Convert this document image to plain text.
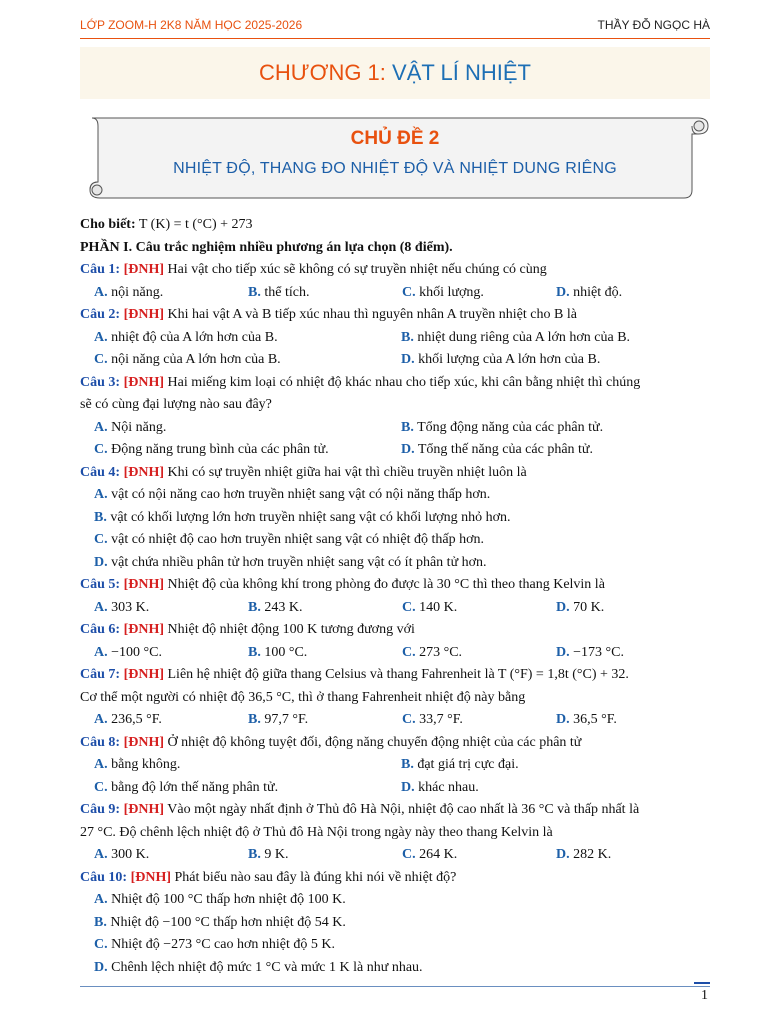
LỚP ZOOM-H 2K8 NĂM HỌC 2025-2026	THẦY ĐỖ NGỌC HÀ
CHƯƠNG 1: VẬT LÍ NHIỆT
CHỦ ĐỀ 2
NHIỆT ĐỘ, THANG ĐO NHIỆT ĐỘ VÀ NHIỆT DUNG RIÊNG
Cho biết: T (K) = t (°C) + 273
PHẦN I. Câu trắc nghiệm nhiều phương án lựa chọn (8 điểm).
Câu 1: [ĐNH] Hai vật cho tiếp xúc sẽ không có sự truyền nhiệt nếu chúng có cùng
A. nội năng.	B. thể tích.	C. khối lượng.	D. nhiệt độ.
Câu 2: [ĐNH] Khi hai vật A và B tiếp xúc nhau thì nguyên nhân A truyền nhiệt cho B là
A. nhiệt độ của A lớn hơn của B.	B. nhiệt dung riêng của A lớn hơn của B.
C. nội năng của A lớn hơn của B.	D. khối lượng của A lớn hơn của B.
Câu 3: [ĐNH] Hai miếng kim loại có nhiệt độ khác nhau cho tiếp xúc, khi cân bằng nhiệt thì chúng
sẽ có cùng đại lượng nào sau đây?
A. Nội năng.	B. Tổng động năng của các phân tử.
C. Động năng trung bình của các phân tử.	D. Tổng thế năng của các phân tử.
Câu 4: [ĐNH] Khi có sự truyền nhiệt giữa hai vật thì chiều truyền nhiệt luôn là
A. vật có nội năng cao hơn truyền nhiệt sang vật có nội năng thấp hơn.
B. vật có khối lượng lớn hơn truyền nhiệt sang vật có khối lượng nhỏ hơn.
C. vật có nhiệt độ cao hơn truyền nhiệt sang vật có nhiệt độ thấp hơn.
D. vật chứa nhiều phân tử hơn truyền nhiệt sang vật có ít phân tử hơn.
Câu 5: [ĐNH] Nhiệt độ của không khí trong phòng đo được là 30 °C thì theo thang Kelvin là
A. 303 K.	B. 243 K.	C. 140 K.	D. 70 K.
Câu 6: [ĐNH] Nhiệt độ nhiệt động 100 K tương đương với
A. −100 °C.	B. 100 °C.	C. 273 °C.	D. −173 °C.
Câu 7: [ĐNH] Liên hệ nhiệt độ giữa thang Celsius và thang Fahrenheit là T (°F) = 1,8t (°C) + 32.
Cơ thể một người có nhiệt độ 36,5 °C, thì ở thang Fahrenheit nhiệt độ này bằng
A. 236,5 °F.	B. 97,7 °F.	C. 33,7 °F.	D. 36,5 °F.
Câu 8: [ĐNH] Ở nhiệt độ không tuyệt đối, động năng chuyển động nhiệt của các phân tử
A. bằng không.	B. đạt giá trị cực đại.
C. bằng độ lớn thế năng phân tử.	D. khác nhau.
Câu 9: [ĐNH] Vào một ngày nhất định ở Thủ đô Hà Nội, nhiệt độ cao nhất là 36 °C và thấp nhất là
27 °C. Độ chênh lệch nhiệt độ ở Thủ đô Hà Nội trong ngày này theo thang Kelvin là
A. 300 K.	B. 9 K.	C. 264 K.	D. 282 K.
Câu 10: [ĐNH] Phát biểu nào sau đây là đúng khi nói về nhiệt độ?
A. Nhiệt độ 100 °C thấp hơn nhiệt độ 100 K.
B. Nhiệt độ −100 °C thấp hơn nhiệt độ 54 K.
C. Nhiệt độ −273 °C cao hơn nhiệt độ 5 K.
D. Chênh lệch nhiệt độ mức 1 °C và mức 1 K là như nhau.
1
